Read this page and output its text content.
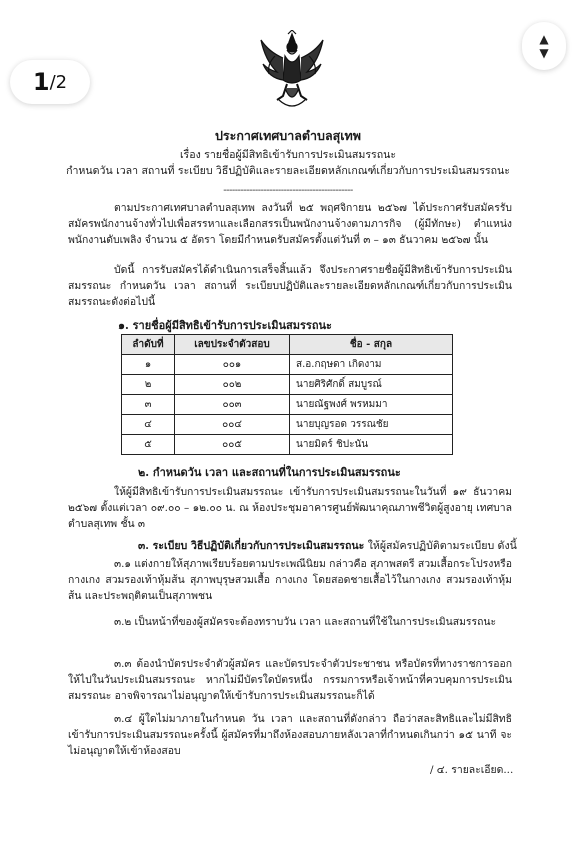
1 /2
▲
▼
ประกาศเทศบาลตำบลสุเทพ
เรื่อง รายชื่อผู้มีสิทธิเข้ารับการประเมินสมรรถนะ
กำหนดวัน เวลา สถานที่ ระเบียบ วิธีปฏิบัติและรายละเอียดหลักเกณฑ์เกี่ยวกับการประเมินสมรรถนะ
---------------------------------------------
ตามประกาศเทศบาลตำบลสุเทพ ลงวันที่ ๒๕ พฤศจิกายน ๒๕๖๗ ได้ประกาศรับสมัครรับสมัครพนักงานจ้างทั่วไปเพื่อสรรหาและเลือกสรรเป็นพนักงานจ้างตามภารกิจ (ผู้มีทักษะ) ตำแหน่ง พนักงานดับเพลิง จำนวน ๕ อัตรา โดยมีกำหนดรับสมัครตั้งแต่วันที่ ๓ – ๑๓ ธันวาคม ๒๕๖๗ นั้น
บัดนี้ การรับสมัครได้ดำเนินการเสร็จสิ้นแล้ว จึงประกาศรายชื่อผู้มีสิทธิเข้ารับการประเมินสมรรถนะ กำหนดวัน เวลา สถานที่ ระเบียบปฏิบัติและรายละเอียดหลักเกณฑ์เกี่ยวกับการประเมินสมรรถนะดังต่อไปนี้
๑. รายชื่อผู้มีสิทธิเข้ารับการประเมินสมรรถนะ
ลำดับที่	เลขประจำตัวสอบ	ชื่อ - สกุล
๑	๐๐๑	ส.อ.กฤษดา เกิดงาม
๒	๐๐๒	นายศิริศักดิ์ สมบูรณ์
๓	๐๐๓	นายณัฐพงศ์ พรหมมา
๔	๐๐๔	นายบุญรอด วรรณชัย
๕	๐๐๕	นายมิตร์ ชิปะนัน
๒. กำหนดวัน เวลา และสถานที่ในการประเมินสมรรถนะ
ให้ผู้มีสิทธิเข้ารับการประเมินสมรรถนะ เข้ารับการประเมินสมรรถนะในวันที่ ๑๙ ธันวาคม ๒๕๖๗ ตั้งแต่เวลา ๐๙.๐๐ – ๑๒.๐๐ น. ณ ห้องประชุมอาคารศูนย์พัฒนาคุณภาพชีวิตผู้สูงอายุ เทศบาลตำบลสุเทพ ชั้น ๓
๓. ระเบียบ วิธีปฏิบัติเกี่ยวกับการประเมินสมรรถนะ ให้ผู้สมัครปฏิบัติตามระเบียบ ดังนี้
๓.๑ แต่งกายให้สุภาพเรียบร้อยตามประเพณีนิยม กล่าวคือ สุภาพสตรี สวมเสื้อกระโปรงหรือกางเกง สวมรองเท้าหุ้มส้น สุภาพบุรุษสวมเสื้อ กางเกง โดยสอดชายเสื้อไว้ในกางเกง สวมรองเท้าหุ้มส้น และประพฤติตนเป็นสุภาพชน
๓.๒ เป็นหน้าที่ของผู้สมัครจะต้องทราบวัน เวลา และสถานที่ใช้ในการประเมินสมรรถนะ
๓.๓ ต้องนำบัตรประจำตัวผู้สมัคร และบัตรประจำตัวประชาชน หรือบัตรที่ทางราชการออกให้ไปในวันประเมินสมรรถนะ หากไม่มีบัตรใดบัตรหนึ่ง กรรมการหรือเจ้าหน้าที่ควบคุมการประเมินสมรรถนะ อาจพิจารณาไม่อนุญาตให้เข้ารับการประเมินสมรรถนะก็ได้
๓.๔ ผู้ใดไม่มาภายในกำหนด วัน เวลา และสถานที่ดังกล่าว ถือว่าสละสิทธิและไม่มีสิทธิเข้ารับการประเมินสมรรถนะครั้งนี้ ผู้สมัครที่มาถึงห้องสอบภายหลังเวลาที่กำหนดเกินกว่า ๑๕ นาที จะไม่อนุญาตให้เข้าห้องสอบ
/ ๔. รายละเอียด...
